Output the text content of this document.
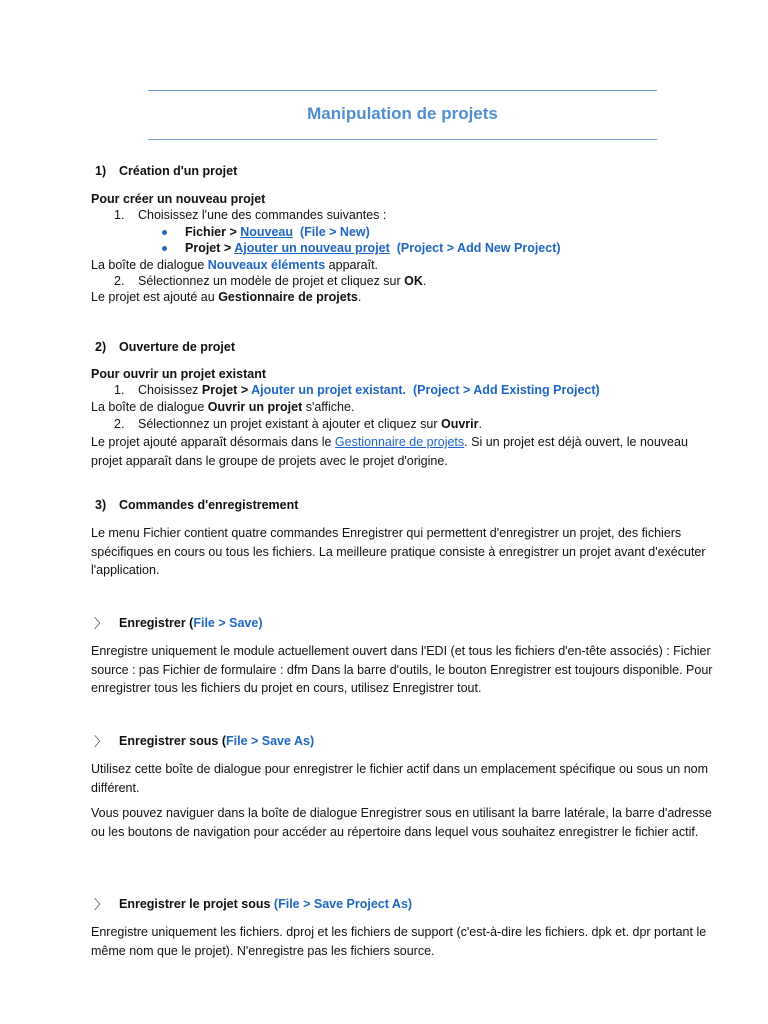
Manipulation de projets
1) Création d'un projet
Pour créer un nouveau projet
1. Choisissez l'une des commandes suivantes :
Fichier > Nouveau (File > New)
Projet > Ajouter un nouveau projet (Project > Add New Project)
La boîte de dialogue Nouveaux éléments apparaît.
2. Sélectionnez un modèle de projet et cliquez sur OK.
Le projet est ajouté au Gestionnaire de projets.
2) Ouverture de projet
Pour ouvrir un projet existant
1. Choisissez Projet > Ajouter un projet existant.  (Project > Add Existing Project)
La boîte de dialogue Ouvrir un projet s'affiche.
2. Sélectionnez un projet existant à ajouter et cliquez sur Ouvrir.
Le projet ajouté apparaît désormais dans le Gestionnaire de projets. Si un projet est déjà ouvert, le nouveau projet apparaît dans le groupe de projets avec le projet d'origine.
3) Commandes d'enregistrement
Le menu Fichier contient quatre commandes Enregistrer qui permettent d'enregistrer un projet, des fichiers spécifiques en cours ou tous les fichiers. La meilleure pratique consiste à enregistrer un projet avant d'exécuter l'application.
〉 Enregistrer (File > Save)
Enregistre uniquement le module actuellement ouvert dans l'EDI (et tous les fichiers d'en-tête associés) : Fichier source : pas Fichier de formulaire : dfm Dans la barre d'outils, le bouton Enregistrer est toujours disponible. Pour enregistrer tous les fichiers du projet en cours, utilisez Enregistrer tout.
〉 Enregistrer sous (File > Save As)
Utilisez cette boîte de dialogue pour enregistrer le fichier actif dans un emplacement spécifique ou sous un nom différent.
Vous pouvez naviguer dans la boîte de dialogue Enregistrer sous en utilisant la barre latérale, la barre d'adresse ou les boutons de navigation pour accéder au répertoire dans lequel vous souhaitez enregistrer le fichier actif.
〉 Enregistrer le projet sous (File > Save Project As)
Enregistre uniquement les fichiers. dproj et les fichiers de support (c'est-à-dire les fichiers. dpk et. dpr portant le même nom que le projet). N'enregistre pas les fichiers source.
